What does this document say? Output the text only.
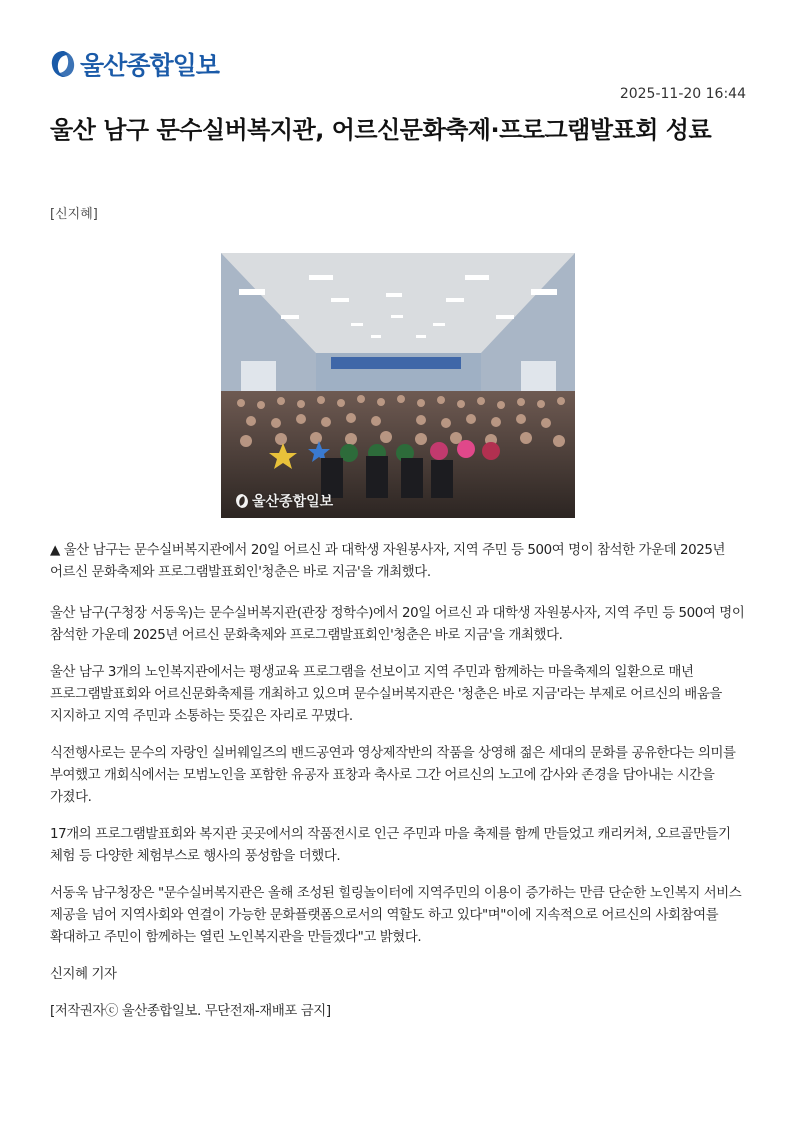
울산종합일보
2025-11-20 16:44
울산 남구 문수실버복지관, 어르신문화축제·프로그램발표회 성료
[신지혜]
울산종합일보

▲ 울산 남구는 문수실버복지관에서 20일 어르신 과 대학생 자원봉사자, 지역 주민 등 500여 명이 참석한 가운데 2025년 어르신 문화축제와 프로그램발표회인'청춘은 바로 지금'을 개최했다.

울산 남구(구청장 서동욱)는 문수실버복지관(관장 정학수)에서 20일 어르신 과 대학생 자원봉사자, 지역 주민 등 500여 명이 참석한 가운데 2025년 어르신 문화축제와 프로그램발표회인'청춘은 바로 지금'을 개최했다.

울산 남구 3개의 노인복지관에서는 평생교육 프로그램을 선보이고 지역 주민과 함께하는 마을축제의 일환으로 매년 프로그램발표회와 어르신문화축제를 개최하고 있으며 문수실버복지관은 '청춘은 바로 지금'라는 부제로 어르신의 배움을 지지하고 지역 주민과 소통하는 뜻깊은 자리로 꾸몄다.

식전행사로는 문수의 자랑인 실버웨일즈의 밴드공연과 영상제작반의 작품을 상영해 젊은 세대의 문화를 공유한다는 의미를 부여했고 개회식에서는 모범노인을 포함한 유공자 표창과 축사로 그간 어르신의 노고에 감사와 존경을 담아내는 시간을 가졌다.

17개의 프로그램발표회와 복지관 곳곳에서의 작품전시로 인근 주민과 마을 축제를 함께 만들었고 캐리커쳐, 오르골만들기 체험 등 다양한 체험부스로 행사의 풍성함을 더했다.

서동욱 남구청장은 "문수실버복지관은 올해 조성된 힐링놀이터에 지역주민의 이용이 증가하는 만큼 단순한 노인복지 서비스 제공을 넘어 지역사회와 연결이 가능한 문화플랫폼으로서의 역할도 하고 있다"며"이에 지속적으로 어르신의 사회참여를 확대하고 주민이 함께하는 열린 노인복지관을 만들겠다"고 밝혔다.

신지혜 기자

[저작권자ⓒ 울산종합일보. 무단전재-재배포 금지]
